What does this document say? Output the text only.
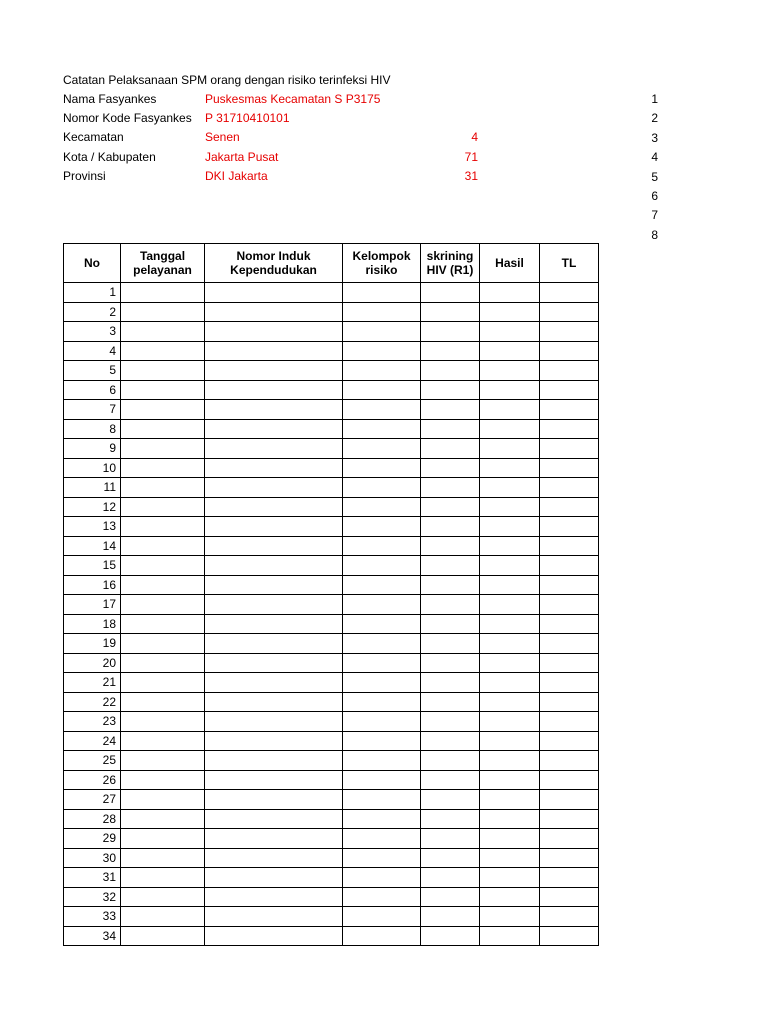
Catatan Pelaksanaan SPM orang dengan risiko terinfeksi HIV
Nama Fasyankes	Puskesmas Kecamatan S P3175
Nomor Kode Fasyankes P 31710410101
Kecamatan	Senen	4
Kota / Kabupaten	Jakarta Pusat	71
Provinsi	DKI Jakarta	31
1
2
3
4
5
6
7
8
No	Tanggal pelayanan	Nomor Induk Kependudukan	Kelompok risiko	skrining HIV (R1)	Hasil	TL
1						
2						
3						
4						
5						
6						
7						
8						
9						
10						
11						
12						
13						
14						
15						
16						
17						
18						
19						
20						
21						
22						
23						
24						
25						
26						
27						
28						
29						
30						
31						
32						
33						
34						
